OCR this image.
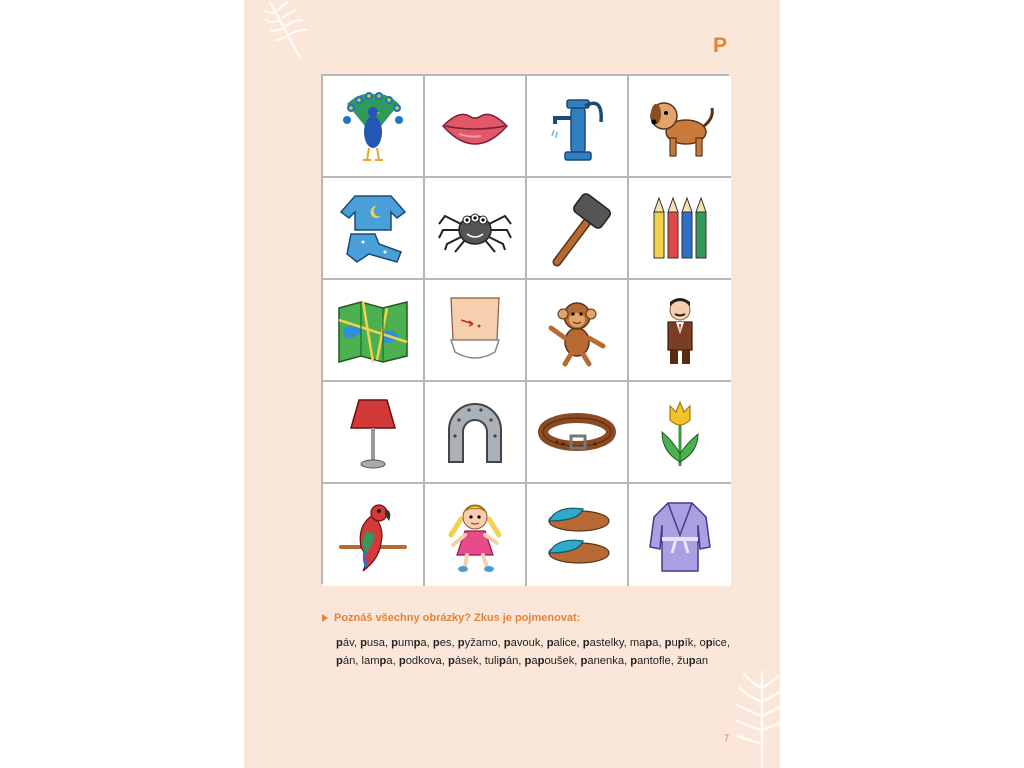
P
Poznáš všechny obrázky? Zkus je pojmenovat:
páv, pusa, pumpa, pes, pyžamo, pavouk, palice, pastelky, mapa, pupík, opice, pán, lampa, podkova, pásek, tulipán, papoušek, panenka, pantofle, župan
7
